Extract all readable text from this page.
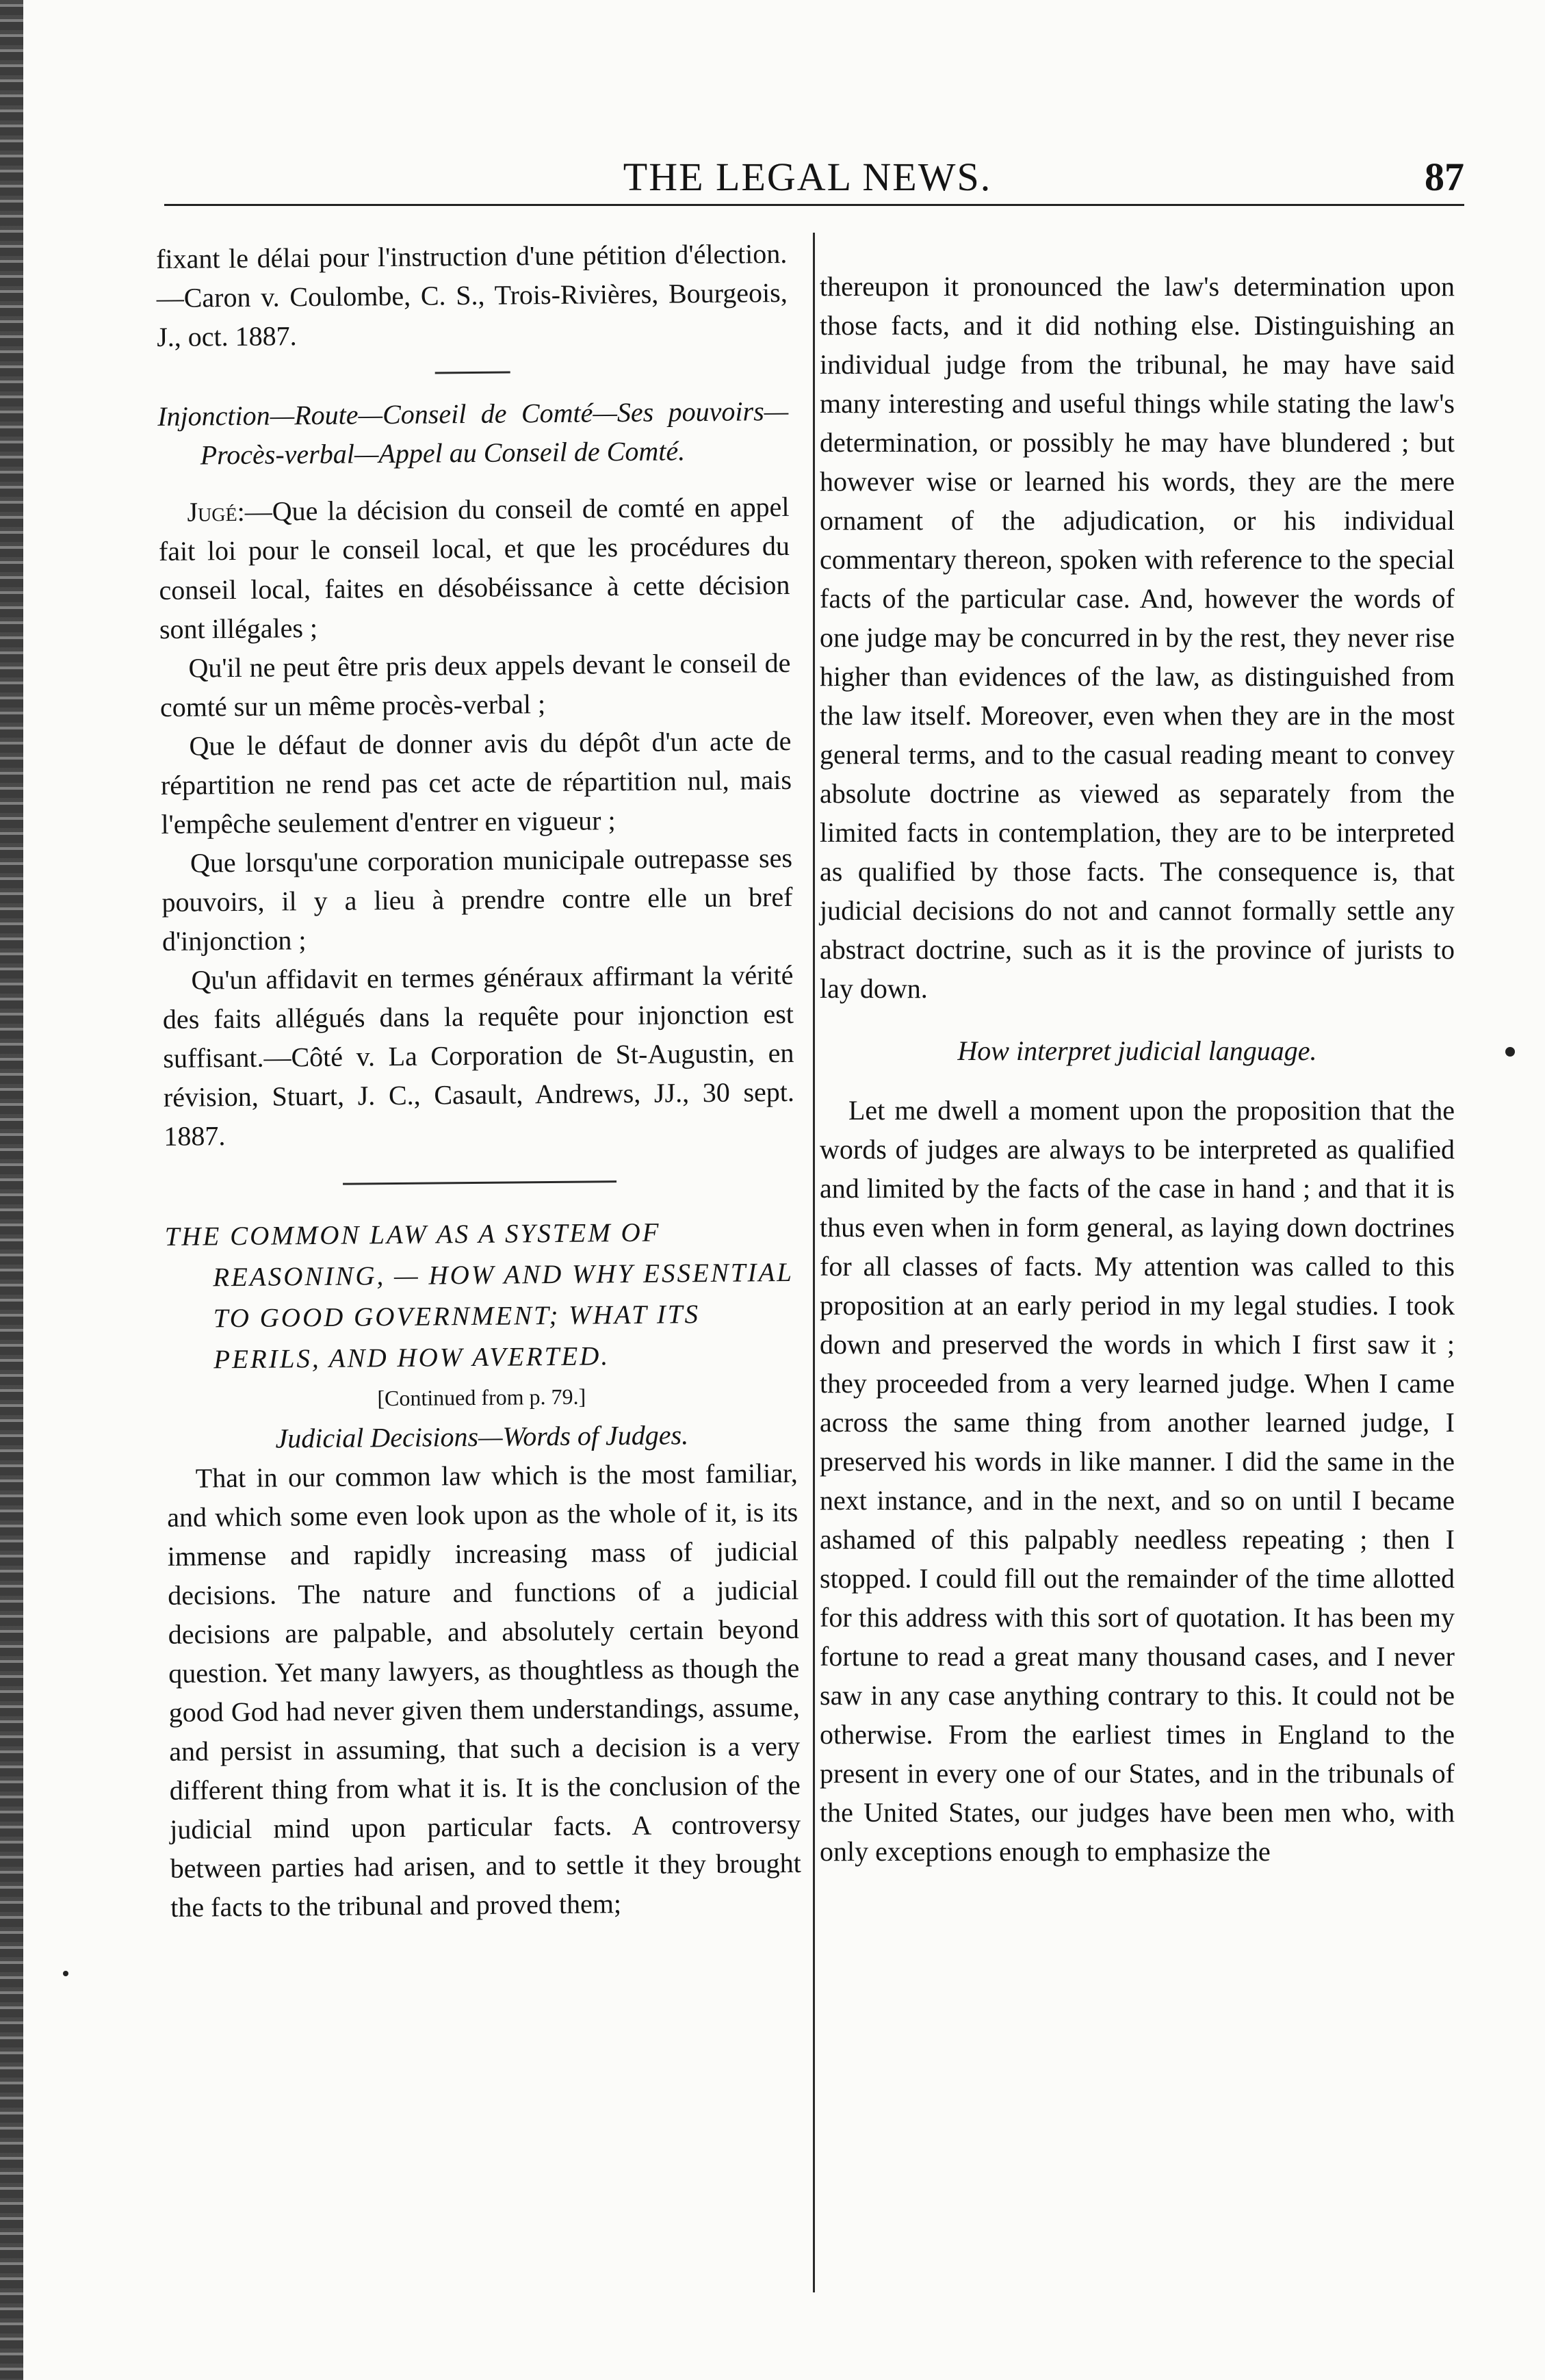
THE LEGAL NEWS.	87

fixant le délai pour l'instruction d'une pétition d'élection.—Caron v. Coulombe, C. S., Trois-Rivières, Bourgeois, J., oct. 1887.

Injonction—Route—Conseil de Comté—Ses pouvoirs—Procès-verbal—Appel au Conseil de Comté.

Jugé:—Que la décision du conseil de comté en appel fait loi pour le conseil local, et que les procédures du conseil local, faites en désobéissance à cette décision sont illégales ;

Qu'il ne peut être pris deux appels devant le conseil de comté sur un même procès-verbal ;

Que le défaut de donner avis du dépôt d'un acte de répartition ne rend pas cet acte de répartition nul, mais l'empêche seulement d'entrer en vigueur ;

Que lorsqu'une corporation municipale outrepasse ses pouvoirs, il y a lieu à prendre contre elle un bref d'injonction ;

Qu'un affidavit en termes généraux affirmant la vérité des faits allégués dans la requête pour injonction est suffisant.—Côté v. La Corporation de St-Augustin, en révision, Stuart, J. C., Casault, Andrews, JJ., 30 sept. 1887.

THE COMMON LAW AS A SYSTEM OF REASONING, — HOW AND WHY ESSENTIAL TO GOOD GOVERNMENT; WHAT ITS PERILS, AND HOW AVERTED.

[Continued from p. 79.]

Judicial Decisions—Words of Judges.

That in our common law which is the most familiar, and which some even look upon as the whole of it, is its immense and rapidly increasing mass of judicial decisions. The nature and functions of a judicial decisions are palpable, and absolutely certain beyond question. Yet many lawyers, as thoughtless as though the good God had never given them understandings, assume, and persist in assuming, that such a decision is a very different thing from what it is. It is the conclusion of the judicial mind upon particular facts. A controversy between parties had arisen, and to settle it they brought the facts to the tribunal and proved them;

thereupon it pronounced the law's determination upon those facts, and it did nothing else. Distinguishing an individual judge from the tribunal, he may have said many interesting and useful things while stating the law's determination, or possibly he may have blundered ; but however wise or learned his words, they are the mere ornament of the adjudication, or his individual commentary thereon, spoken with reference to the special facts of the particular case. And, however the words of one judge may be concurred in by the rest, they never rise higher than evidences of the law, as distinguished from the law itself. Moreover, even when they are in the most general terms, and to the casual reading meant to convey absolute doctrine as viewed as separately from the limited facts in contemplation, they are to be interpreted as qualified by those facts. The consequence is, that judicial decisions do not and cannot formally settle any abstract doctrine, such as it is the province of jurists to lay down.

How interpret judicial language.

Let me dwell a moment upon the proposition that the words of judges are always to be interpreted as qualified and limited by the facts of the case in hand ; and that it is thus even when in form general, as laying down doctrines for all classes of facts. My attention was called to this proposition at an early period in my legal studies. I took down and preserved the words in which I first saw it ; they proceeded from a very learned judge. When I came across the same thing from another learned judge, I preserved his words in like manner. I did the same in the next instance, and in the next, and so on until I became ashamed of this palpably needless repeating ; then I stopped. I could fill out the remainder of the time allotted for this address with this sort of quotation. It has been my fortune to read a great many thousand cases, and I never saw in any case anything contrary to this. It could not be otherwise. From the earliest times in England to the present in every one of our States, and in the tribunals of the United States, our judges have been men who, with only exceptions enough to emphasize the
